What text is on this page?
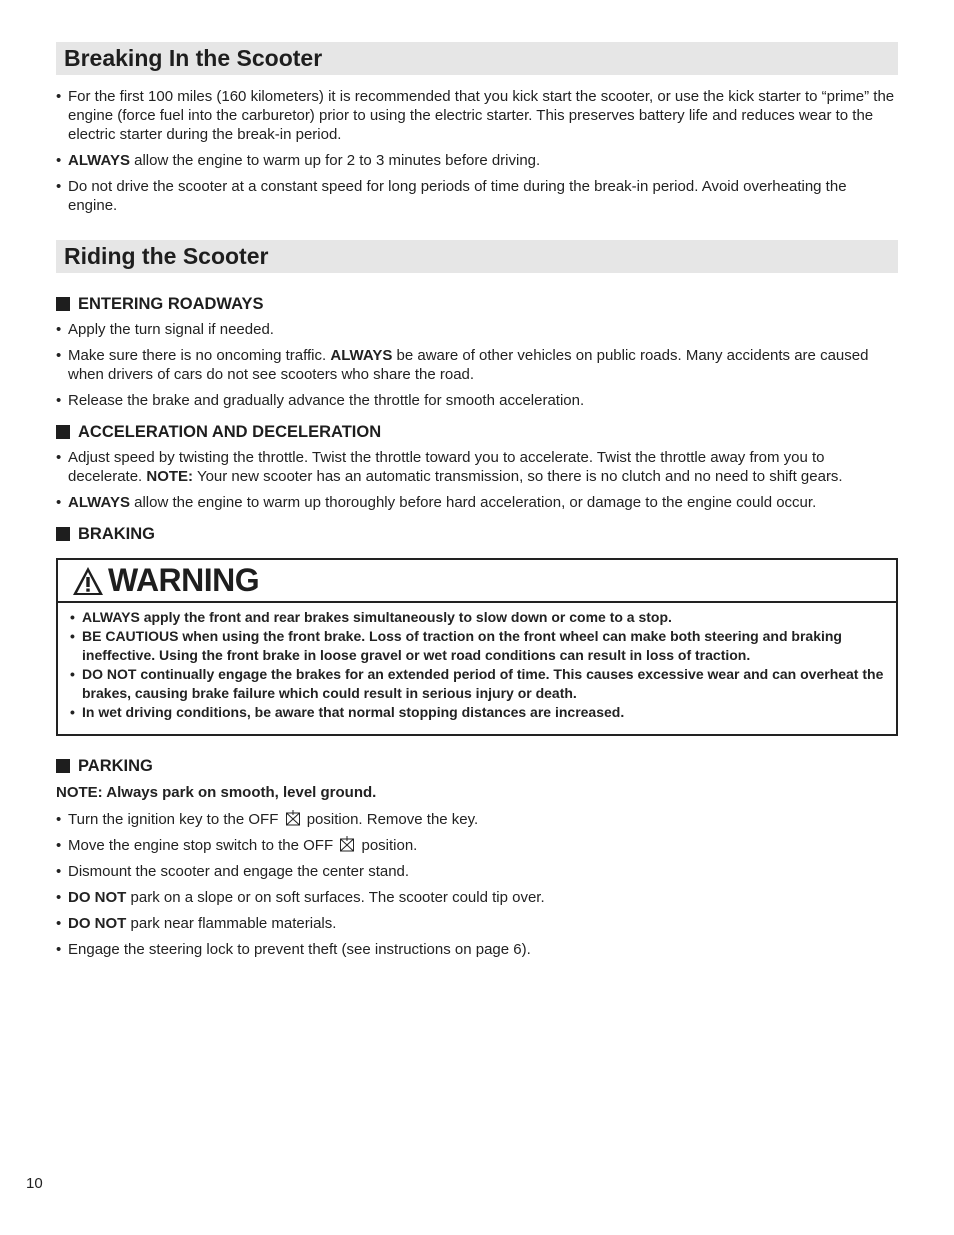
Breaking In the Scooter
• For the first 100 miles (160 kilometers) it is recommended that you kick start the scooter, or use the kick starter to “prime” the engine (force fuel into the carburetor) prior to using the electric starter. This preserves battery life and reduces wear to the electric starter during the break-in period.
• ALWAYS allow the engine to warm up for 2 to 3 minutes before driving.
• Do not drive the scooter at a constant speed for long periods of time during the break-in period. Avoid overheating the engine.
Riding the Scooter
ENTERING ROADWAYS
• Apply the turn signal if needed.
• Make sure there is no oncoming traffic. ALWAYS be aware of other vehicles on public roads. Many accidents are caused when drivers of cars do not see scooters who share the road.
• Release the brake and gradually advance the throttle for smooth acceleration.
ACCELERATION AND DECELERATION
• Adjust speed by twisting the throttle. Twist the throttle toward you to accelerate. Twist the throttle away from you to decelerate. NOTE: Your new scooter has an automatic transmission, so there is no clutch and no need to shift gears.
• ALWAYS allow the engine to warm up thoroughly before hard acceleration, or damage to the engine could occur.
BRAKING
WARNING
• ALWAYS apply the front and rear brakes simultaneously to slow down or come to a stop.
• BE CAUTIOUS when using the front brake. Loss of traction on the front wheel can make both steering and braking ineffective. Using the front brake in loose gravel or wet road conditions can result in loss of traction.
• DO NOT continually engage the brakes for an extended period of time. This causes excessive wear and can overheat the brakes, causing brake failure which could result in serious injury or death.
• In wet driving conditions, be aware that normal stopping distances are increased.
PARKING
NOTE: Always park on smooth, level ground.
• Turn the ignition key to the OFF position. Remove the key.
• Move the engine stop switch to the OFF position.
• Dismount the scooter and engage the center stand.
• DO NOT park on a slope or on soft surfaces. The scooter could tip over.
• DO NOT park near flammable materials.
• Engage the steering lock to prevent theft (see instructions on page 6).
10
